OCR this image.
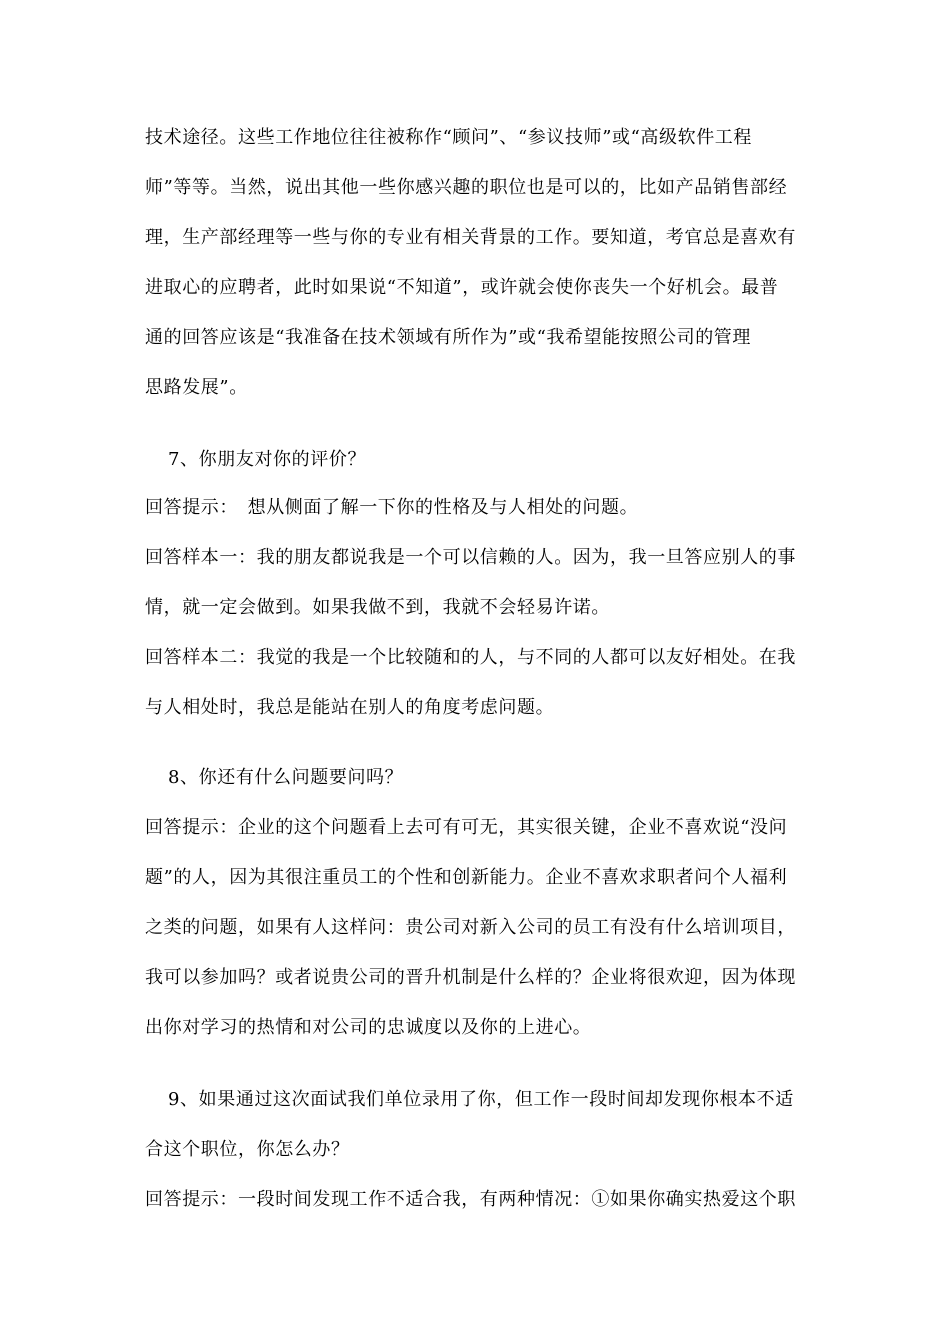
技术途径。这些工作地位往往被称作“顾问”、“参议技师”或“高级软件工程
师”等等。当然，说出其他一些你感兴趣的职位也是可以的，比如产品销售部经
理，生产部经理等一些与你的专业有相关背景的工作。要知道，考官总是喜欢有
进取心的应聘者，此时如果说“不知道”，或许就会使你丧失一个好机会。最普
通的回答应该是“我准备在技术领域有所作为”或“我希望能按照公司的管理
思路发展”。
7、你朋友对你的评价？
回答提示：　想从侧面了解一下你的性格及与人相处的问题。
回答样本一：我的朋友都说我是一个可以信赖的人。因为，我一旦答应别人的事
情，就一定会做到。如果我做不到，我就不会轻易许诺。
回答样本二：我觉的我是一个比较随和的人，与不同的人都可以友好相处。在我
与人相处时，我总是能站在别人的角度考虑问题。
8、你还有什么问题要问吗？
回答提示：企业的这个问题看上去可有可无，其实很关键，企业不喜欢说“没问
题”的人，因为其很注重员工的个性和创新能力。企业不喜欢求职者问个人福利
之类的问题，如果有人这样问：贵公司对新入公司的员工有没有什么培训项目，
我可以参加吗？或者说贵公司的晋升机制是什么样的？企业将很欢迎，因为体现
出你对学习的热情和对公司的忠诚度以及你的上进心。
9、如果通过这次面试我们单位录用了你，但工作一段时间却发现你根本不适
合这个职位，你怎么办？
回答提示：一段时间发现工作不适合我，有两种情况：①如果你确实热爱这个职
